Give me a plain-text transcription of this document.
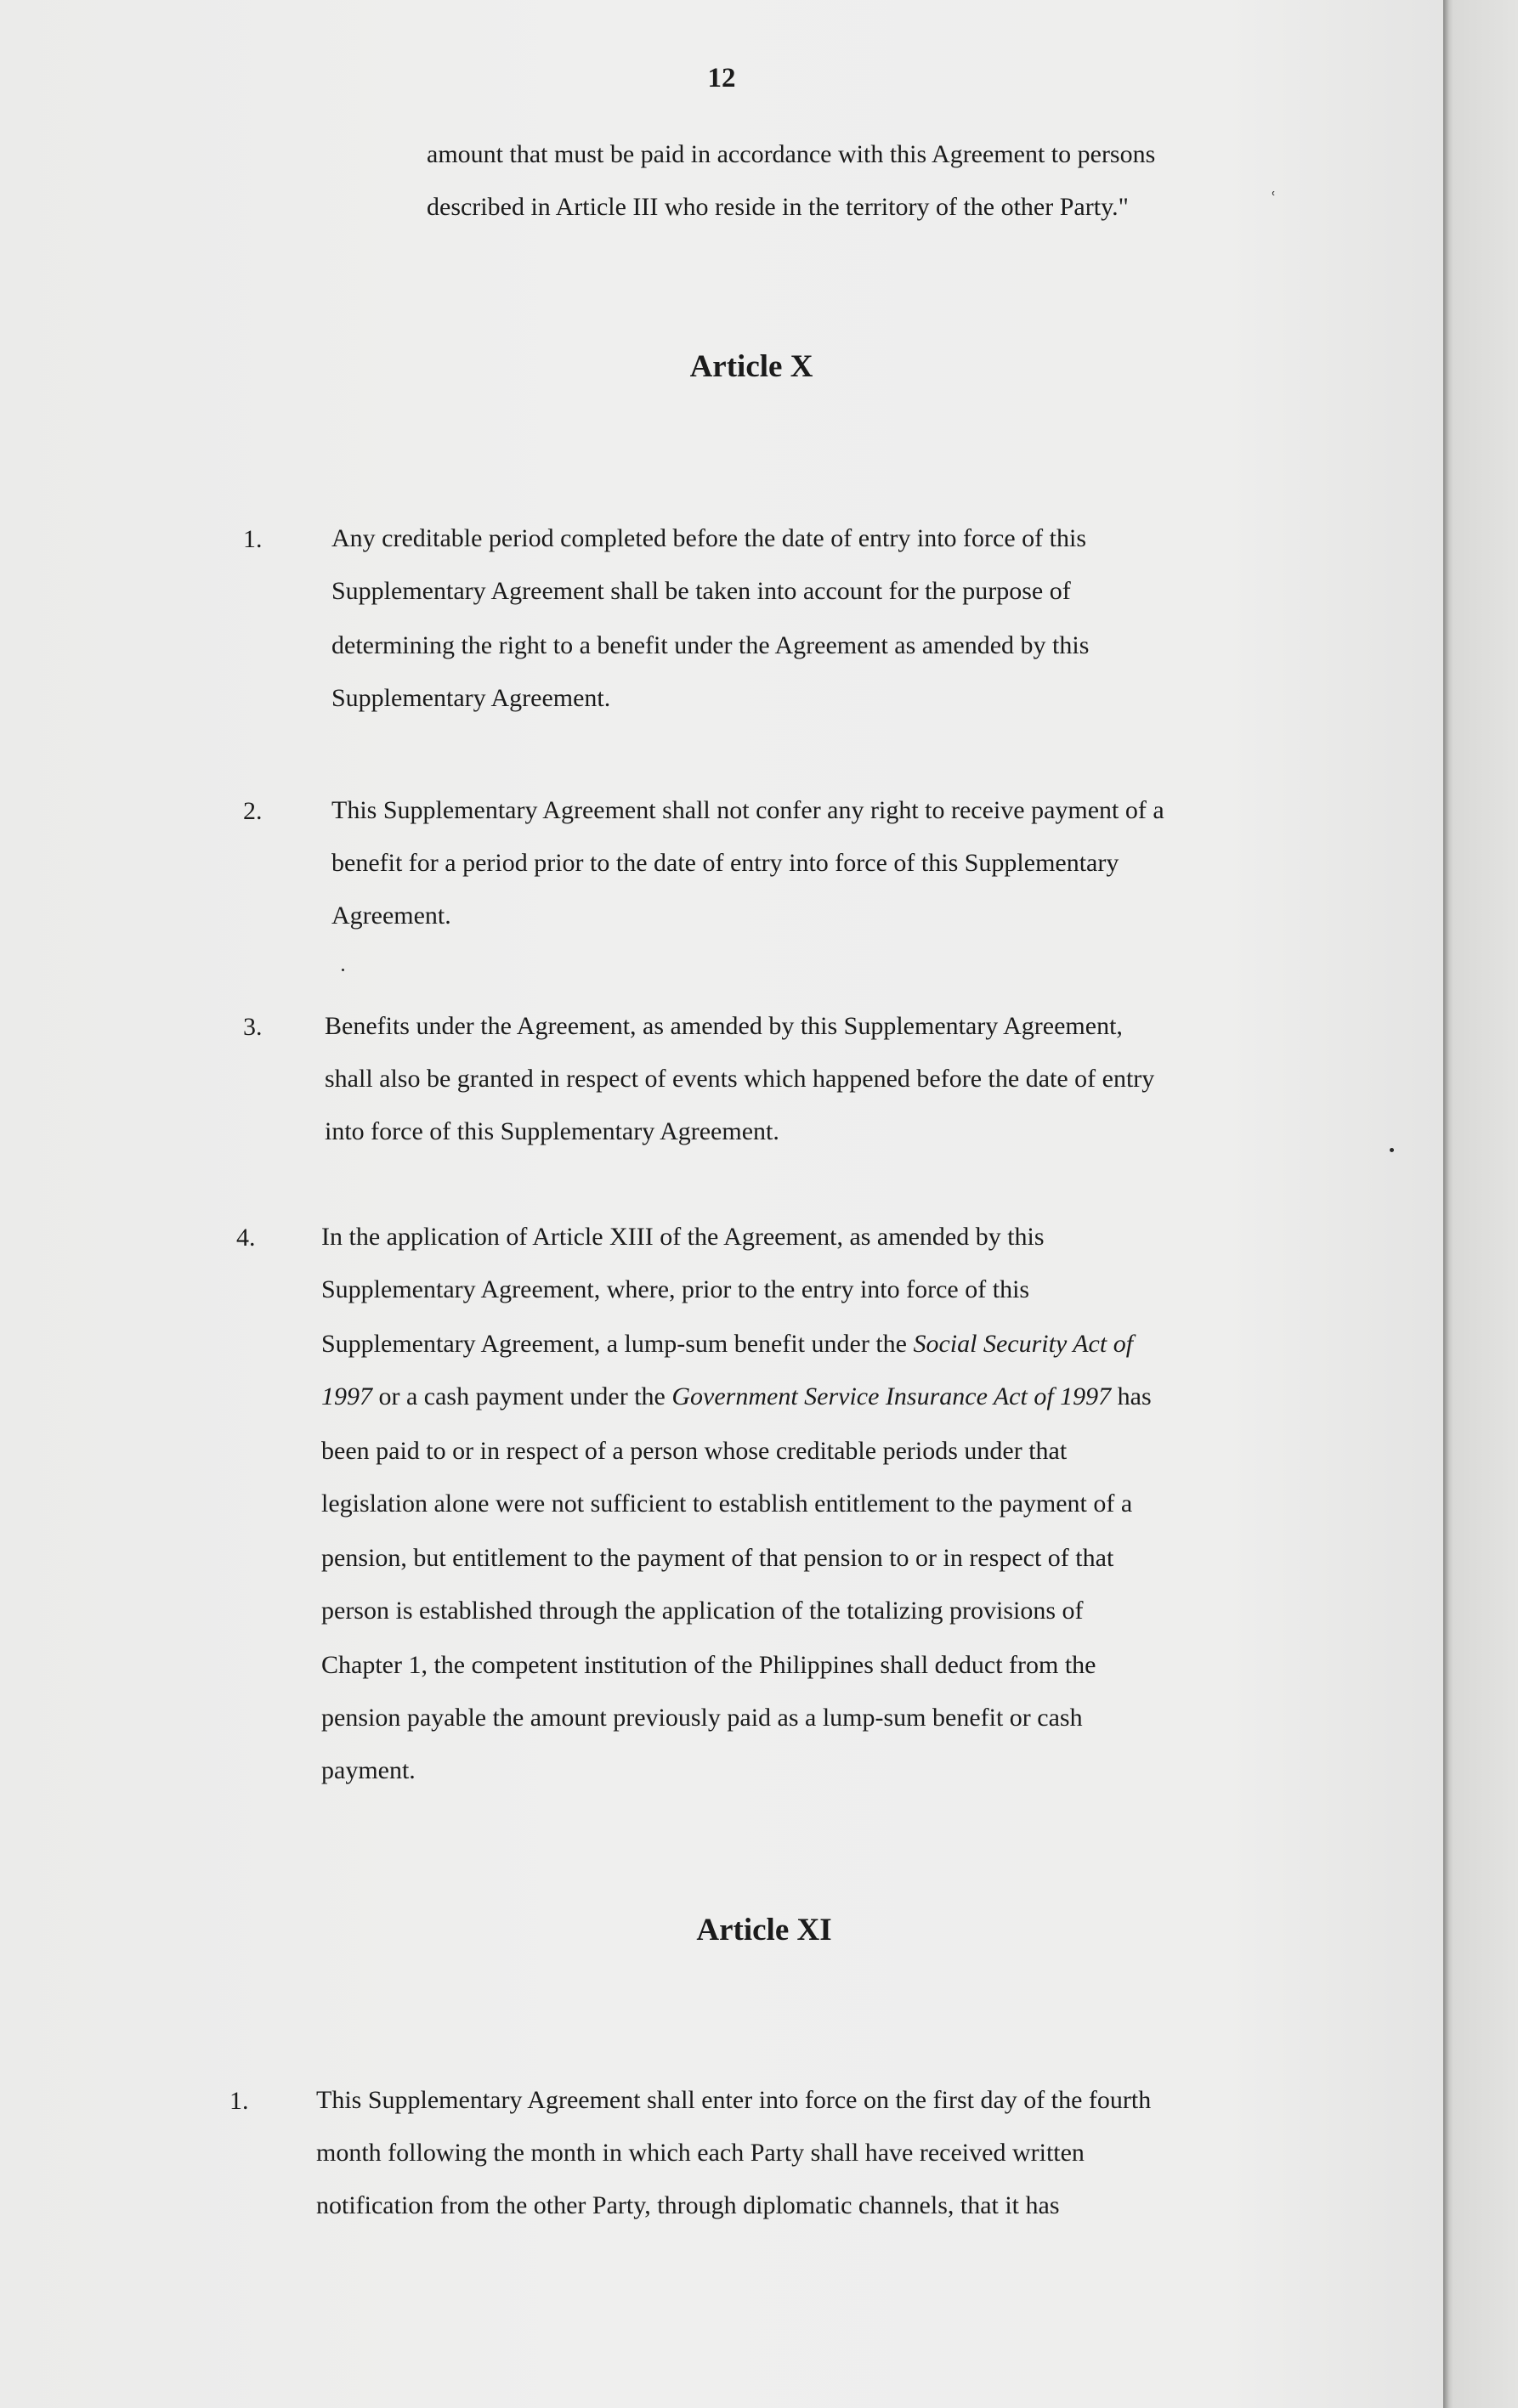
12
amount that must be paid in accordance with this Agreement to persons
described in Article III who reside in the territory of the other Party."	ʿ
Article X
1.	Any creditable period completed before the date of entry into force of this
Supplementary Agreement shall be taken into account for the purpose of
determining the right to a benefit under the Agreement as amended by this
Supplementary Agreement.
2.	This Supplementary Agreement shall not confer any right to receive payment of a
benefit for a period prior to the date of entry into force of this Supplementary
Agreement.
3. Benefits under the Agreement, as amended by this Supplementary Agreement,
shall also be granted in respect of events which happened before the date of entry
into force of this Supplementary Agreement.
4.	In the application of Article XIII of the Agreement, as amended by this
Supplementary Agreement, where, prior to the entry into force of this
Supplementary Agreement, a lump-sum benefit under the Social Security Act of
1997 or a cash payment under the Government Service Insurance Act of 1997 has
been paid to or in respect of a person whose creditable periods under that
legislation alone were not sufficient to establish entitlement to the payment of a
pension, but entitlement to the payment of that pension to or in respect of that
person is established through the application of the totalizing provisions of
Chapter 1, the competent institution of the Philippines shall deduct from the
pension payable the amount previously paid as a lump-sum benefit or cash
payment.
Article XI
1.	This Supplementary Agreement shall enter into force on the first day of the fourth
month following the month in which each Party shall have received written
notification from the other Party, through diplomatic channels, that it has
